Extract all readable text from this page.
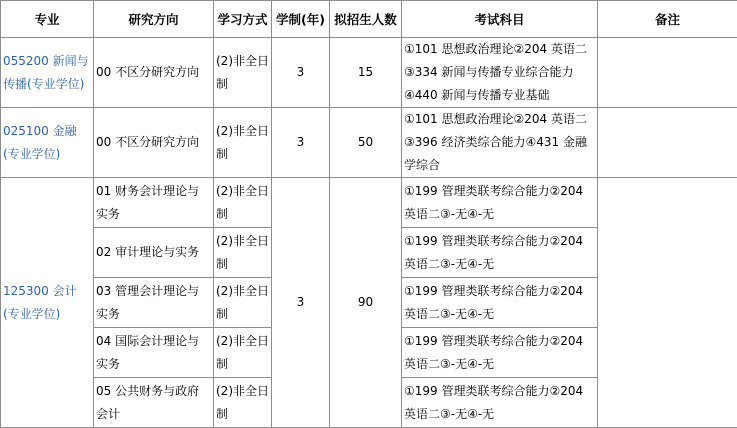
专业	研究方向	学习方式	学制(年)	拟招生人数	考试科目	备注
055200 新闻与传播(专业学位)	00 不区分研究方向	(2)非全日制	3	15	①101 思想政治理论②204 英语二③334 新闻与传播专业综合能力④440 新闻与传播专业基础	
025100 金融(专业学位)	00 不区分研究方向	(2)非全日制	3	50	①101 思想政治理论②204 英语二③396 经济类综合能力④431 金融学综合	
125300 会计(专业学位)	01 财务会计理论与实务	(2)非全日制	3	90	①199 管理类联考综合能力②204 英语二③-无④-无	
	02 审计理论与实务	(2)非全日制			①199 管理类联考综合能力②204 英语二③-无④-无	
	03 管理会计理论与实务	(2)非全日制			①199 管理类联考综合能力②204 英语二③-无④-无	
	04 国际会计理论与实务	(2)非全日制			①199 管理类联考综合能力②204 英语二③-无④-无	
	05 公共财务与政府会计	(2)非全日制			①199 管理类联考综合能力②204 英语二③-无④-无	
